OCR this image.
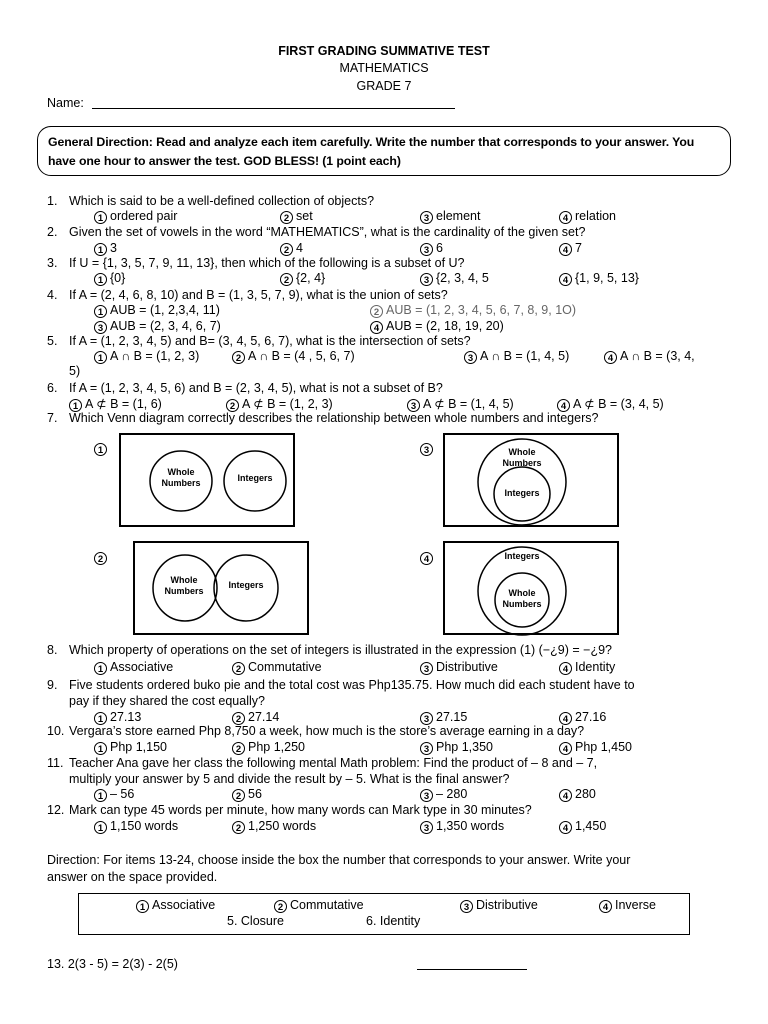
FIRST GRADING SUMMATIVE TEST
MATHEMATICS
GRADE 7
Name:
General Direction: Read and analyze each item carefully. Write the number that corresponds to your answer. You have one hour to answer the test. GOD BLESS! (1 point each)
1. Which is said to be a well-defined collection of objects?
1 ordered pair	2 set	3 element	4 relation
2. Given the set of vowels in the word “MATHEMATICS”, what is the cardinality of the given set?
1 3	2 4	3 6	4 7
3. If U = {1, 3, 5, 7, 9, 11, 13}, then which of the following is a subset of U?
1 {0}	2 {2, 4}	3 {2, 3, 4, 5	4 {1, 9, 5, 13}
4. If A = (2, 4, 6, 8, 10) and B = (1, 3, 5, 7, 9), what is the union of sets?
1 AUB = (1, 2,3,4, 11)	2 AUB = (1, 2, 3, 4, 5, 6, 7, 8, 9, 1O)
3 AUB = (2, 3, 4, 6, 7)	4 AUB = (2, 18, 19, 20)
5. If A = (1, 2, 3, 4, 5) and B= (3, 4, 5, 6, 7), what is the intersection of sets?
1 A ∩ B = (1, 2, 3)	2 A ∩ B = (4 , 5, 6, 7)	3 A ∩ B = (1, 4, 5)	4 A ∩ B = (3, 4,
5)
6. If A = (1, 2, 3, 4, 5, 6) and B = (2, 3, 4, 5), what is not a subset of B?
1 A ⊄ B = (1, 6)	2 A ⊄ B = (1, 2, 3)	3 A ⊄ B = (1, 4, 5)	4 A ⊄ B = (3, 4, 5)
7. Which Venn diagram correctly describes the relationship between whole numbers and integers?
8. Which property of operations on the set of integers is illustrated in the expression (1) (−¿9) = −¿9?
1 Associative	2 Commutative	3 Distributive	4 Identity
9. Five students ordered buko pie and the total cost was Php135.75. How much did each student have to
pay if they shared the cost equally?
1 27.13	2 27.14	3 27.15	4 27.16
10. Vergara’s store earned Php 8,750 a week, how much is the store’s average earning in a day?
1 Php 1,150	2 Php 1,250	3 Php 1,350	4 Php 1,450
11. Teacher Ana gave her class the following mental Math problem: Find the product of – 8 and – 7,
multiply your answer by 5 and divide the result by – 5. What is the final answer?
1 – 56	2 56	3 – 280	4 280
12. Mark can type 45 words per minute, how many words can Mark type in 30 minutes?
1 1,150 words	2 1,250 words	3 1,350 words	4 1,450
1
Whole
Numbers	Integers
3	Whole
Numbers
Integers
2
Whole
Numbers
Integers
4	Integers
Whole
Numbers
Direction: For items 13-24, choose inside the box the number that corresponds to your answer. Write your
answer on the space provided.
1 Associative	2 Commutative	3 Distributive	4 Inverse
5. Closure	6. Identity
13. 2(3 - 5) = 2(3) - 2(5)
